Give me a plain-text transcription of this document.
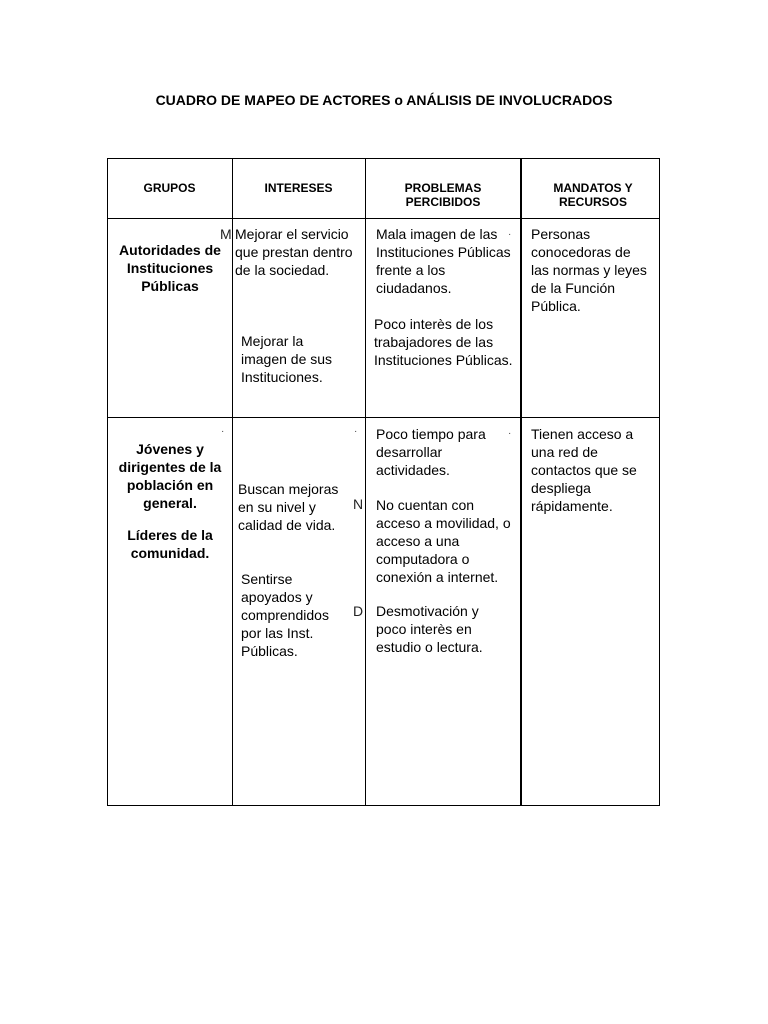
CUADRO DE MAPEO DE ACTORES o ANÁLISIS DE INVOLUCRADOS
GRUPOS	INTERESES	PROBLEMAS PERCIBIDOS
MANDATOS Y RECURSOS
Autoridades de Instituciones Públicas
M Mejorar el servicio que prestan dentro de la sociedad.
Mejorar la imagen de sus Instituciones.
Mala imagen de las Instituciones Públicas frente a los ciudadanos.
·
Poco interès de los trabajadores de las Instituciones Públicas.
Personas conocedoras de las normas y leyes de la Función Pública.
·
Jóvenes y dirigentes de la población en general.
Líderes de la comunidad.
·
Buscan mejoras en su nivel y calidad de vida.
N
Sentirse apoyados y comprendidos por las Inst. Públicas.
D
Poco tiempo para desarrollar actividades.
·
No cuentan con acceso a movilidad, o acceso a una computadora o conexión a internet.
Desmotivación y poco interès en estudio o lectura.
Tienen acceso a una red de contactos que se despliega rápidamente.
